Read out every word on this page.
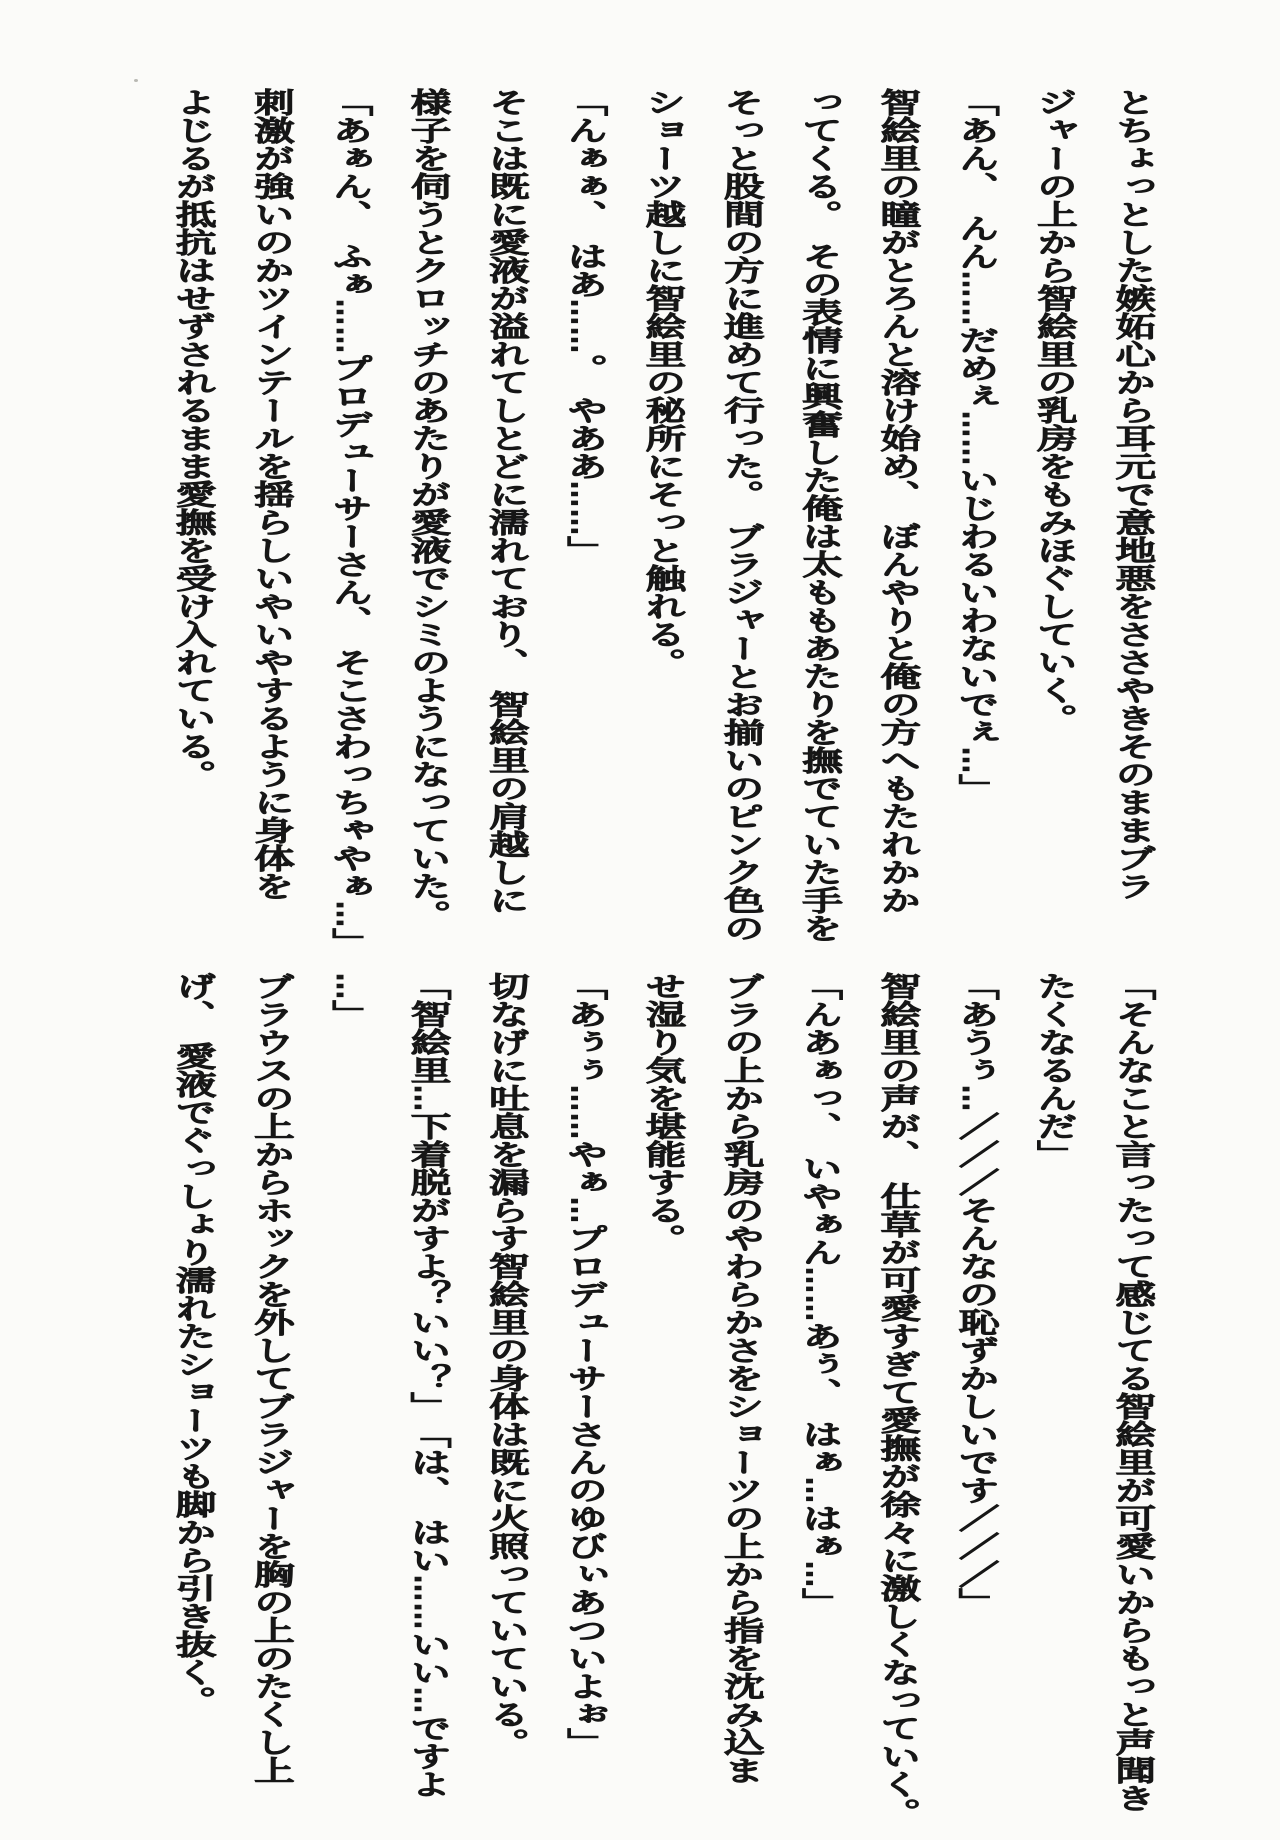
とちょっとした嫉妬心から耳元で意地悪をささやきそのままブラ

ジャーの上から智絵里の乳房をもみほぐしていく。

「あん、　んん……だめぇ……いじわるいわないでぇ…」

智絵里の瞳がとろんと溶け始め、　ぼんやりと俺の方へもたれかか

ってくる。　その表情に興奮した俺は太ももあたりを撫でていた手を

そっと股間の方に進めて行った。　ブラジャーとお揃いのピンク色の

ショーツ越しに智絵里の秘所にそっと触れる。

「んぁぁ、　はあ……。　やああ……」

そこは既に愛液が溢れてしとどに濡れており、　智絵里の肩越しに

様子を伺うとクロッチのあたりが愛液でシミのようになっていた。

「あぁん、　ふぁ……プロデューサーさん、　そこさわっちゃやぁ…」

刺激が強いのかツインテールを揺らしいやいやするように身体を

よじるが抵抗はせずされるまま愛撫を受け入れている。

「そんなこと言ったって感じてる智絵里が可愛いからもっと声聞き

たくなるんだ」

「あうぅ…／／／そんなの恥ずかしいです／／／」

智絵里の声が、　仕草が可愛すぎて愛撫が徐々に激しくなっていく。

「んあぁっ、　いやぁん……あぅ、　はぁ…はぁ…」

ブラの上から乳房のやわらかさをショーツの上から指を沈み込ま

せ湿り気を堪能する。

「あぅぅ……やぁ…プロデューサーさんのゆびぃあついよぉ」

切なげに吐息を漏らす智絵里の身体は既に火照っていている。

「智絵里…下着脱がすよ？いい？」　「は、　はい……いい…ですよ

…」

ブラウスの上からホックを外してブラジャーを胸の上のたくし上

げ、　愛液でぐっしょり濡れたショーツも脚から引き抜く。
